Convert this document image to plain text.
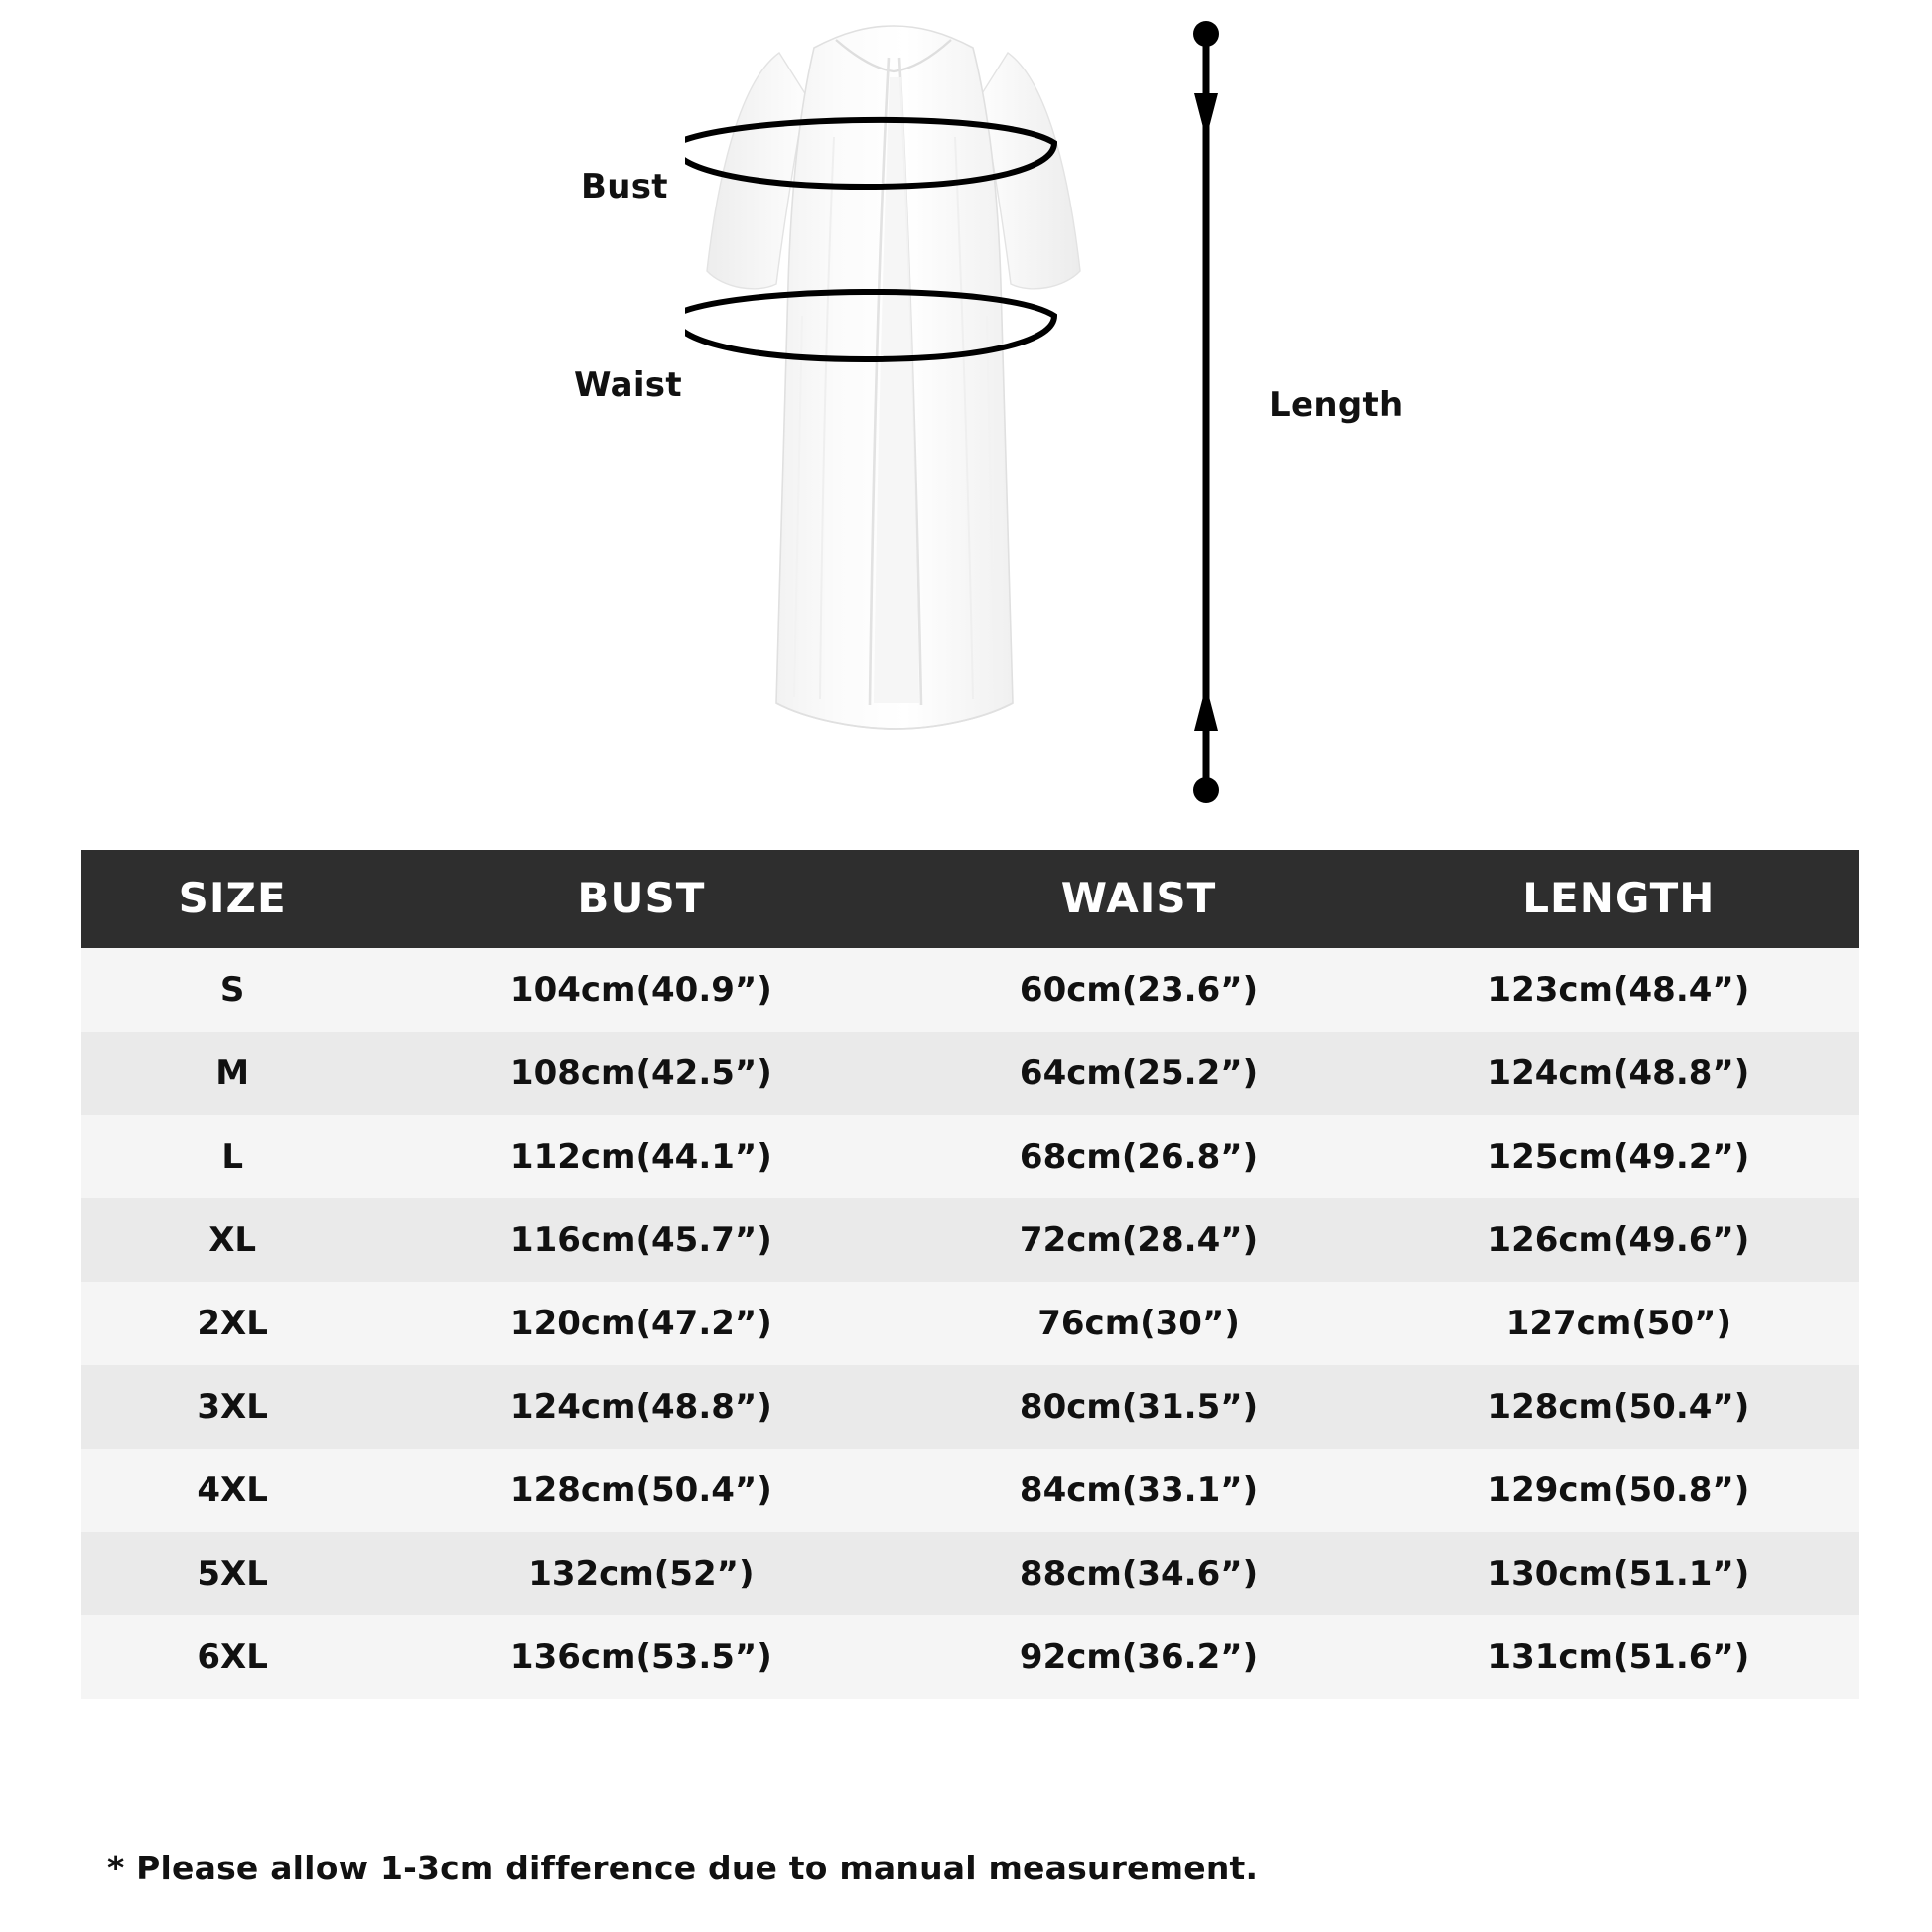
Bust
Waist	Length
SIZE	BUST	WAIST	LENGTH
S	104cm(40.9”)	60cm(23.6”)	123cm(48.4”)
M	108cm(42.5”)	64cm(25.2”)	124cm(48.8”)
L	112cm(44.1”)	68cm(26.8”)	125cm(49.2”)
XL	116cm(45.7”)	72cm(28.4”)	126cm(49.6”)
2XL	120cm(47.2”)	76cm(30”)	127cm(50”)
3XL	124cm(48.8”)	80cm(31.5”)	128cm(50.4”)
4XL	128cm(50.4”)	84cm(33.1”)	129cm(50.8”)
5XL	132cm(52”)	88cm(34.6”)	130cm(51.1”)
6XL	136cm(53.5”)	92cm(36.2”)	131cm(51.6”)
* Please allow 1-3cm difference due to manual measurement.
